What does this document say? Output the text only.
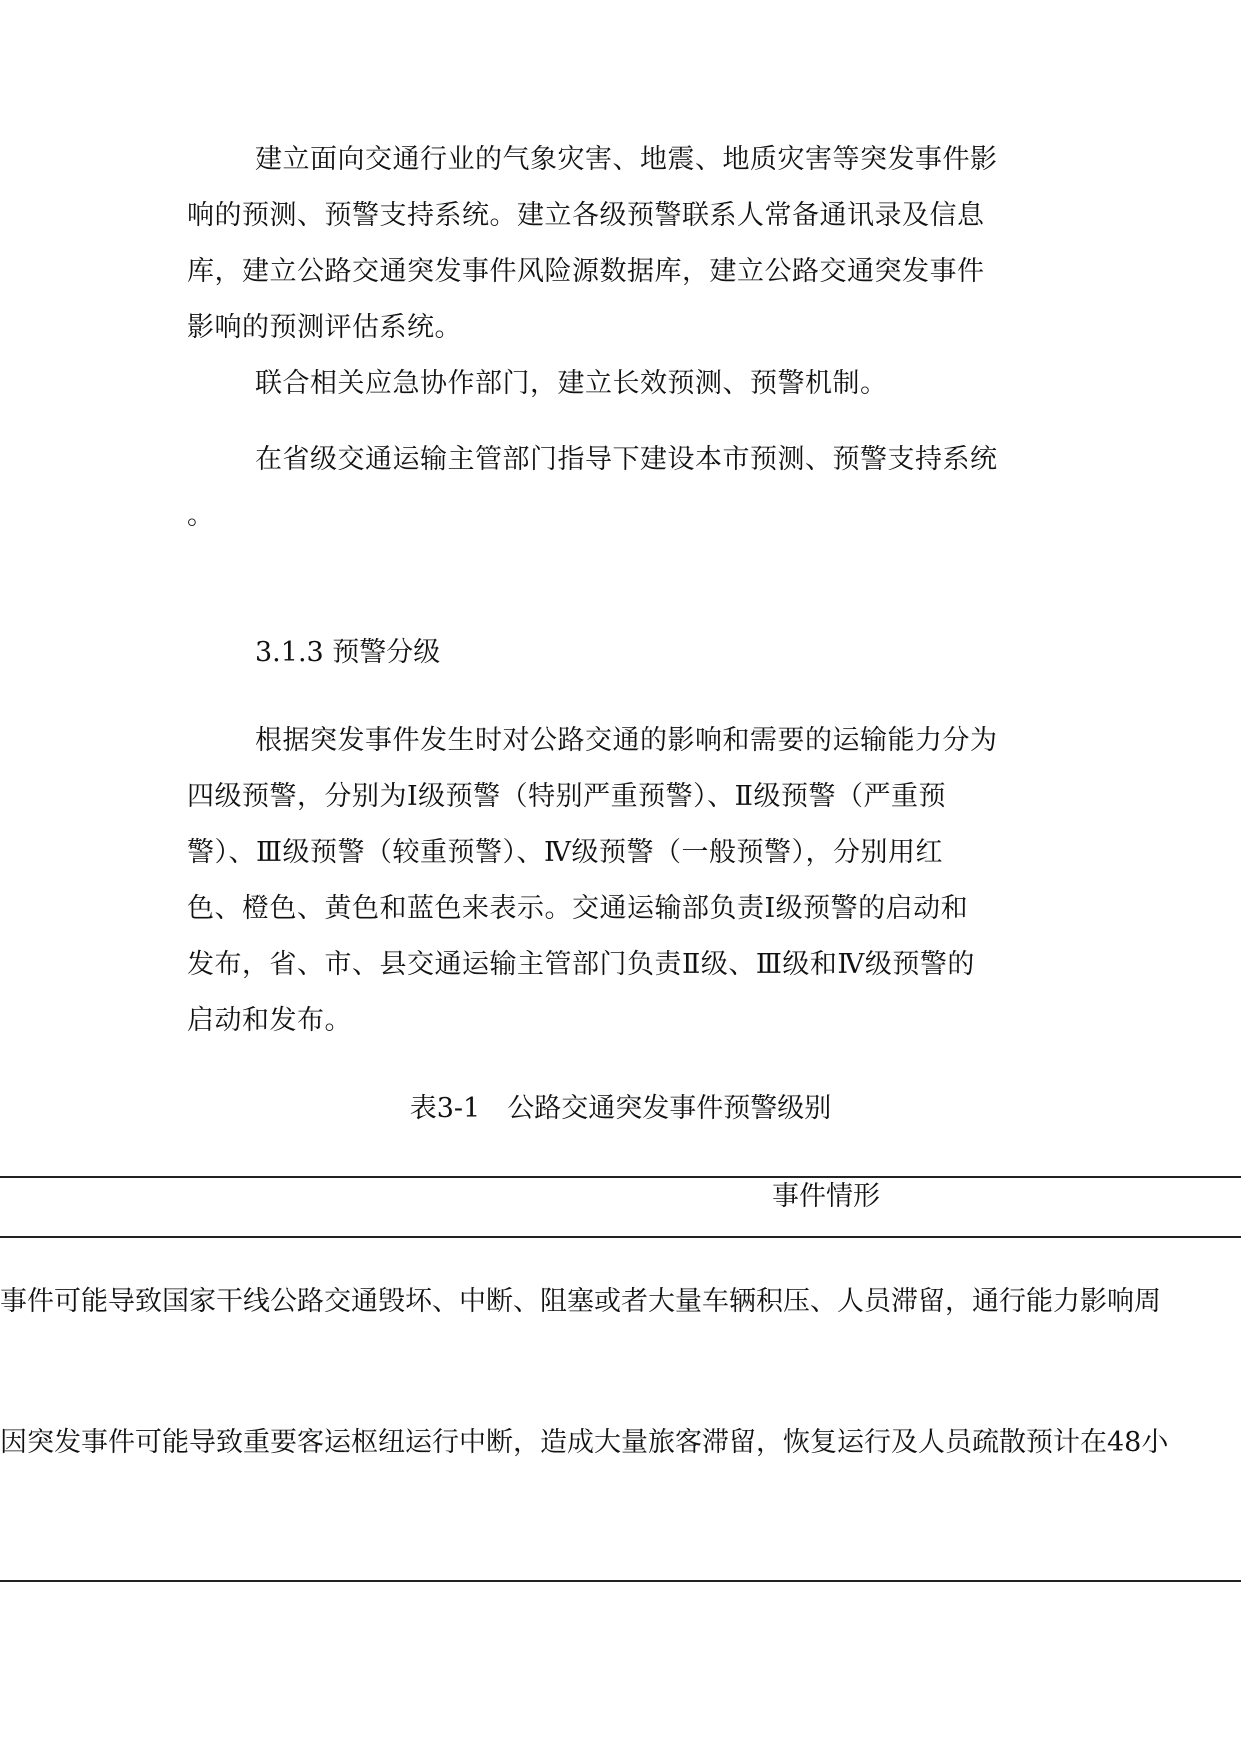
建立面向交通行业的气象灾害、地震、地质灾害等突发事件影
响的预测、预警支持系统。建立各级预警联系人常备通讯录及信息
库，建立公路交通突发事件风险源数据库，建立公路交通突发事件
影响的预测评估系统。
联合相关应急协作部门，建立长效预测、预警机制。
在省级交通运输主管部门指导下建设本市预测、预警支持系统
。

3.1.3 预警分级

根据突发事件发生时对公路交通的影响和需要的运输能力分为
四级预警，分别为Ⅰ级预警（特别严重预警）、Ⅱ级预警（严重预
警）、Ⅲ级预警（较重预警）、Ⅳ级预警（一般预警），分别用红
色、橙色、黄色和蓝色来表示。交通运输部负责Ⅰ级预警的启动和
发布，省、市、县交通运输主管部门负责Ⅱ级、Ⅲ级和Ⅳ级预警的
启动和发布。

表3-1　公路交通突发事件预警级别

事件情形

事件可能导致国家干线公路交通毁坏、中断、阻塞或者大量车辆积压、人员滞留，通行能力影响周

因突发事件可能导致重要客运枢纽运行中断，造成大量旅客滞留，恢复运行及人员疏散预计在48小
